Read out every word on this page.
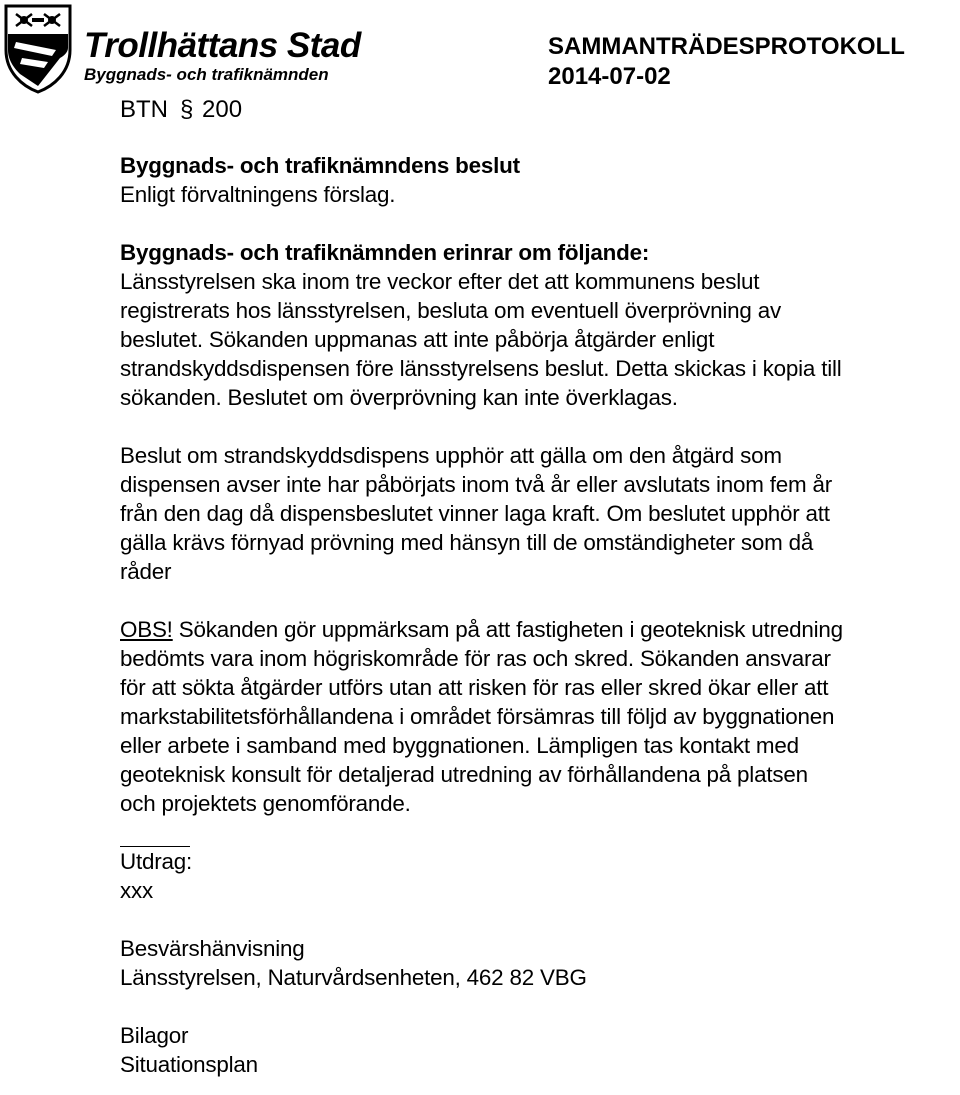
Trollhättans Stad
Byggnads- och trafiknämnden
SAMMANTRÄDESPROTOKOLL
2014-07-02
BTN § 200

Byggnads- och trafiknämndens beslut

Enligt förvaltningens förslag.

Byggnads- och trafiknämnden erinrar om följande:

Länsstyrelsen ska inom tre veckor efter det att kommunens beslut

registrerats hos länsstyrelsen, besluta om eventuell överprövning av

beslutet. Sökanden uppmanas att inte påbörja åtgärder enligt

strandskyddsdispensen före länsstyrelsens beslut. Detta skickas i kopia till

sökanden. Beslutet om överprövning kan inte överklagas.

Beslut om strandskyddsdispens upphör att gälla om den åtgärd som

dispensen avser inte har påbörjats inom två år eller avslutats inom fem år

från den dag då dispensbeslutet vinner laga kraft. Om beslutet upphör att

gälla krävs förnyad prövning med hänsyn till de omständigheter som då

råder

OBS! Sökanden gör uppmärksam på att fastigheten i geoteknisk utredning

bedömts vara inom högriskområde för ras och skred. Sökanden ansvarar

för att sökta åtgärder utförs utan att risken för ras eller skred ökar eller att

markstabilitetsförhållandena i området försämras till följd av byggnationen

eller arbete i samband med byggnationen. Lämpligen tas kontakt med

geoteknisk konsult för detaljerad utredning av förhållandena på platsen

och projektets genomförande.

Utdrag:

xxx

Besvärshänvisning

Länsstyrelsen, Naturvårdsenheten, 462 82 VBG

Bilagor

Situationsplan
